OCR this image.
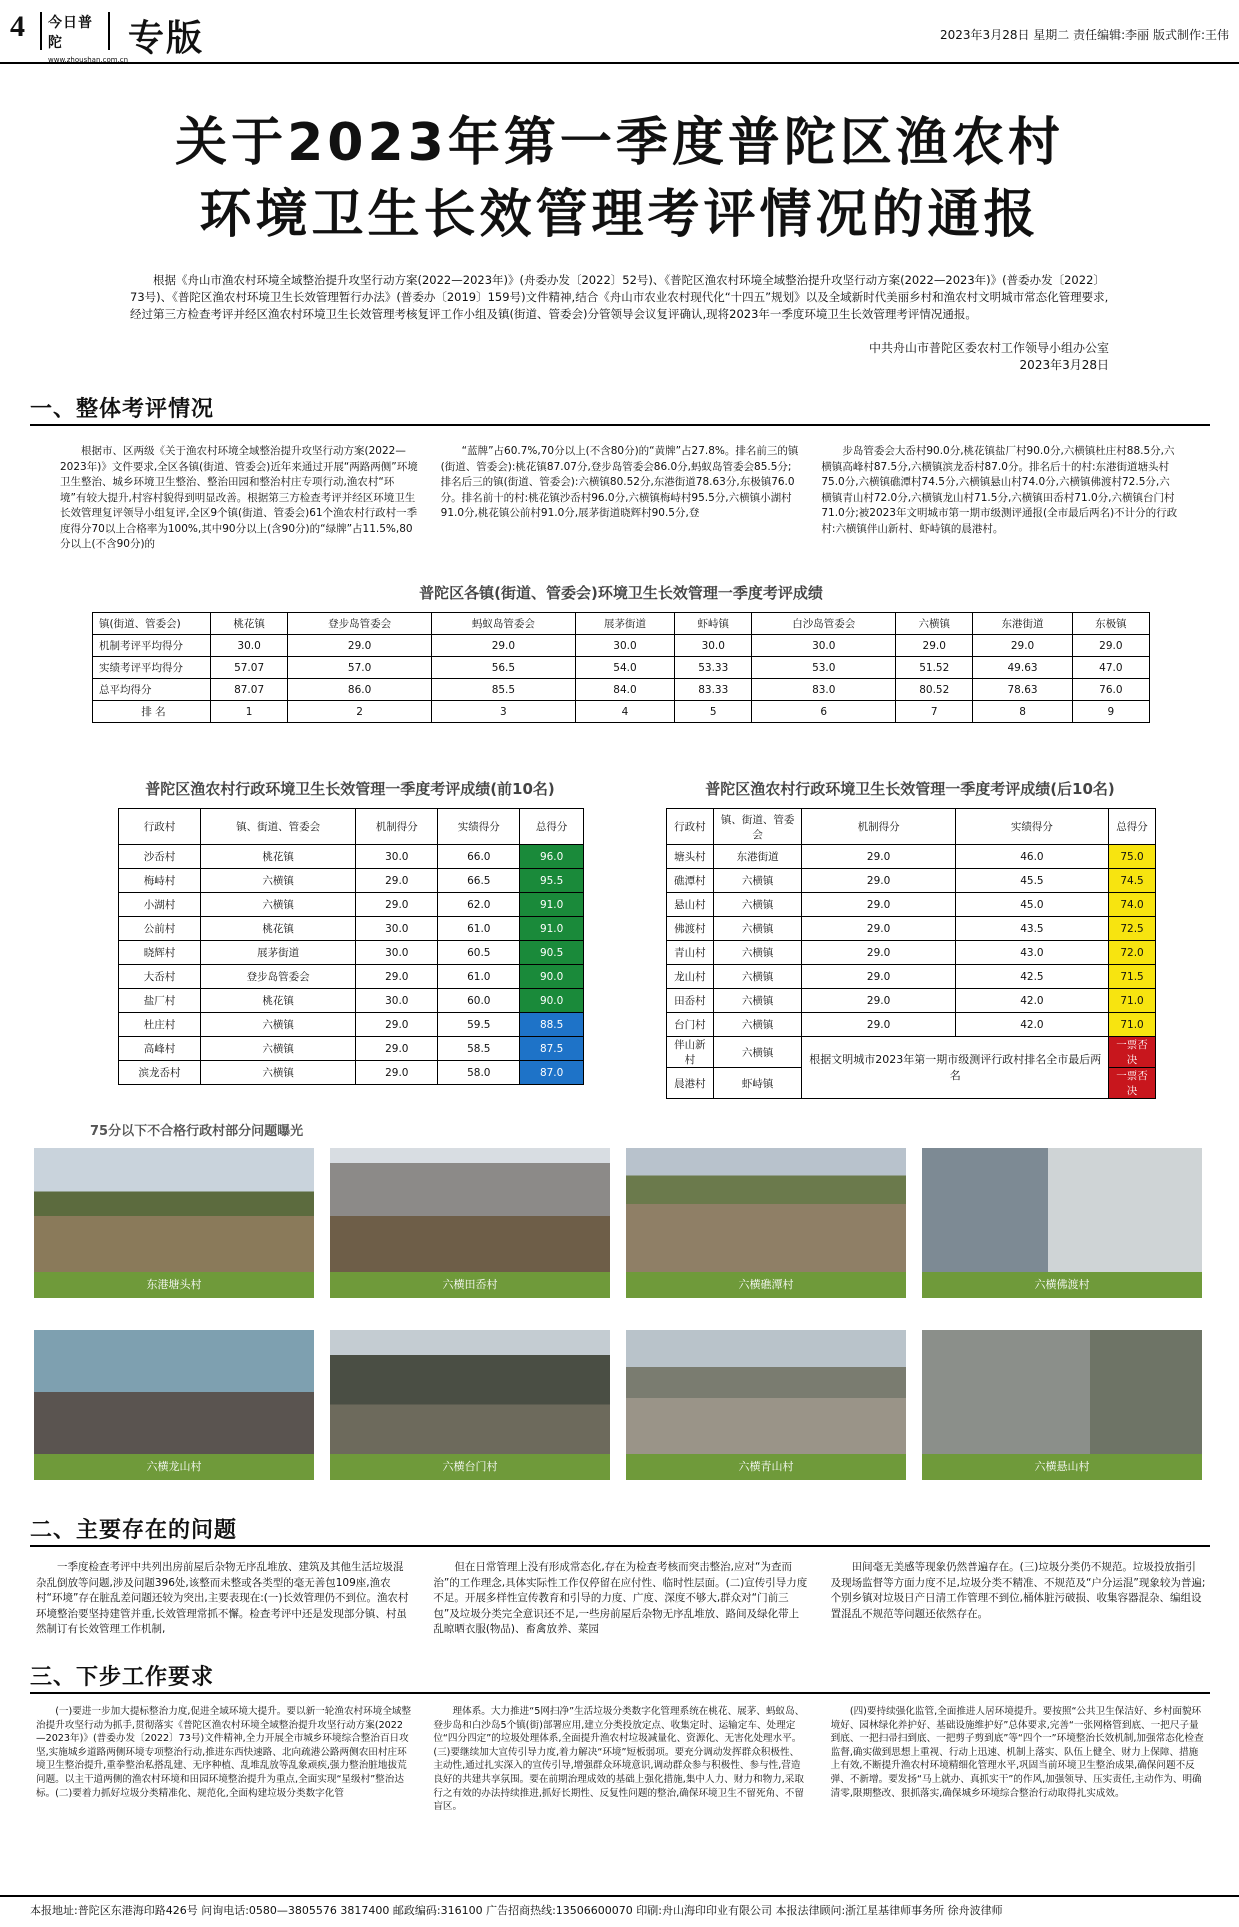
4 今日普陀
www.zhoushan.com.cn
专版	2023年3月28日 星期二 责任编辑:李丽 版式制作:王伟
关于2023年第一季度普陀区渔农村
环境卫生长效管理考评情况的通报

根据《舟山市渔农村环境全域整治提升攻坚行动方案(2022—2023年)》(舟委办发〔2022〕52号)、《普陀区渔农村环境全域整治提升攻坚行动方案(2022—2023年)》(普委办发〔2022〕73号)、《普陀区渔农村环境卫生长效管理暂行办法》(普委办〔2019〕159号)文件精神,结合《舟山市农业农村现代化“十四五”规划》以及全域新时代美丽乡村和渔农村文明城市常态化管理要求,经过第三方检查考评并经区渔农村环境卫生长效管理考核复评工作小组及镇(街道、管委会)分管领导会议复评确认,现将2023年一季度环境卫生长效管理考评情况通报。

中共舟山市普陀区委农村工作领导小组办公室
2023年3月28日
一、整体考评情况

根据市、区两级《关于渔农村环境全域整治提升攻坚行动方案(2022—2023年)》文件要求,全区各镇(街道、管委会)近年来通过开展“两路两侧”环境卫生整治、城乡环境卫生整治、整治田园和整治村庄专项行动,渔农村“环境”有较大提升,村容村貌得到明显改善。根据第三方检查考评并经区环境卫生长效管理复评领导小组复评,全区9个镇(街道、管委会)61个渔农村行政村一季度得分70以上合格率为100%,其中90分以上(含90分)的“绿牌”占11.5%,80分以上(不含90分)的

“蓝牌”占60.7%,70分以上(不含80分)的“黄牌”占27.8%。排名前三的镇(街道、管委会):桃花镇87.07分,登步岛管委会86.0分,蚂蚁岛管委会85.5分;排名后三的镇(街道、管委会):六横镇80.52分,东港街道78.63分,东极镇76.0分。排名前十的村:桃花镇沙岙村96.0分,六横镇梅峙村95.5分,六横镇小湖村91.0分,桃花镇公前村91.0分,展茅街道晓辉村90.5分,登

步岛管委会大岙村90.0分,桃花镇盐厂村90.0分,六横镇杜庄村88.5分,六横镇高峰村87.5分,六横镇滨龙岙村87.0分。排名后十的村:东港街道塘头村75.0分,六横镇礁潭村74.5分,六横镇悬山村74.0分,六横镇佛渡村72.5分,六横镇青山村72.0分,六横镇龙山村71.5分,六横镇田岙村71.0分,六横镇台门村71.0分;被2023年文明城市第一期市级测评通报(全市最后两名)不计分的行政村:六横镇伴山新村、虾峙镇的晨港村。

普陀区各镇(街道、管委会)环境卫生长效管理一季度考评成绩
镇(街道、管委会)	桃花镇	登步岛管委会	蚂蚁岛管委会	展茅街道	虾峙镇	白沙岛管委会	六横镇	东港街道	东极镇
机制考评平均得分	30.0	29.0	29.0	30.0	30.0	30.0	29.0	29.0	29.0
实绩考评平均得分	57.07	57.0	56.5	54.0	53.33	53.0	51.52	49.63	47.0
总平均得分	87.07	86.0	85.5	84.0	83.33	83.0	80.52	78.63	76.0
排 名	1	2	3	4	5	6	7	8	9
普陀区渔农村行政环境卫生长效管理一季度考评成绩(前10名)
行政村	镇、街道、管委会	机制得分	实绩得分	总得分
沙岙村	桃花镇	30.0	66.0	96.0
梅峙村	六横镇	29.0	66.5	95.5
小湖村	六横镇	29.0	62.0	91.0
公前村	桃花镇	30.0	61.0	91.0
晓辉村	展茅街道	30.0	60.5	90.5
大岙村	登步岛管委会	29.0	61.0	90.0
盐厂村	桃花镇	30.0	60.0	90.0
杜庄村	六横镇	29.0	59.5	88.5
高峰村	六横镇	29.0	58.5	87.5
滨龙岙村	六横镇	29.0	58.0	87.0
普陀区渔农村行政环境卫生长效管理一季度考评成绩(后10名)
行政村	镇、街道、管委会	机制得分	实绩得分	总得分
塘头村	东港街道	29.0	46.0	75.0
礁潭村	六横镇	29.0	45.5	74.5
悬山村	六横镇	29.0	45.0	74.0
佛渡村	六横镇	29.0	43.5	72.5
青山村	六横镇	29.0	43.0	72.0
龙山村	六横镇	29.0	42.5	71.5
田岙村	六横镇	29.0	42.0	71.0
台门村	六横镇	29.0	42.0	71.0
伴山新村	六横镇	根据文明城市2023年第一期市级测评行政村排名全市最后两名		一票否决
晨港村	虾峙镇			一票否决
75分以下不合格行政村部分问题曝光
东港塘头村	六横田岙村	六横礁潭村	六横佛渡村
六横龙山村	六横台门村	六横青山村	六横悬山村
二、主要存在的问题

一季度检查考评中共列出房前屋后杂物无序乱堆放、建筑及其他生活垃圾混杂乱倒放等问题,涉及问题396处,该整而未整或各类型的毫无善包109座,渔农村“环境”存在脏乱差问题还较为突出,主要表现在:(一)长效管理仍不到位。渔农村环境整治要坚持建管并重,长效管理常抓不懈。检查考评中还是发现部分镇、村虽然制订有长效管理工作机制,

但在日常管理上没有形成常态化,存在为检查考核而突击整治,应对“为查而治”的工作理念,具体实际性工作仅停留在应付性、临时性层面。(二)宣传引导力度不足。开展多样性宣传教育和引导的力度、广度、深度不够大,群众对“门前三包”及垃圾分类完全意识还不足,一些房前屋后杂物无序乱堆放、路间及绿化带上乱晾晒衣服(物品)、畜禽放养、菜园

田间毫无美感等现象仍然普遍存在。(三)垃圾分类仍不规范。垃圾投放指引及现场监督等方面力度不足,垃圾分类不精准、不规范及“户分运混”现象较为普遍;个别乡镇对垃圾日产日清工作管理不到位,桶体脏污破损、收集容器混杂、编组设置混乱不规范等问题还依然存在。

三、下步工作要求

(一)要进一步加大提标整治力度,促进全域环境大提升。要以新一轮渔农村环境全域整治提升攻坚行动为抓手,贯彻落实《普陀区渔农村环境全域整治提升攻坚行动方案(2022—2023年)》(普委办发〔2022〕73号)文件精神,全力开展全市城乡环境综合整治百日攻坚,实施城乡道路两侧环境专项整治行动,推进东西快速路、北向疏港公路两侧农田村庄环境卫生整治提升,重拳整治私搭乱建、无序种植、乱堆乱放等乱象顽疾,强力整治脏地拔荒问题。以主干道两侧的渔农村环境和田园环境整治提升为重点,全面实现“星级村”整治达标。(二)要着力抓好垃圾分类精准化、规范化,全面构建垃圾分类数字化管

理体系。大力推进“5网扫净”生活垃圾分类数字化管理系统在桃花、展茅、蚂蚁岛、登步岛和白沙岛5个镇(街)部署应用,建立分类投放定点、收集定时、运输定车、处理定位“四分四定”的垃圾处理体系,全面提升渔农村垃圾减量化、资源化、无害化处理水平。(三)要继续加大宣传引导力度,着力解决“环境”短板弱项。要充分调动发挥群众积极性、主动性,通过扎实深入的宣传引导,增强群众环境意识,调动群众参与积极性、参与性,营造良好的共建共享氛围。要在前期治理成效的基础上强化措施,集中人力、财力和物力,采取行之有效的办法持续推进,抓好长期性、反复性问题的整治,确保环境卫生不留死角、不留盲区。

(四)要持续强化监管,全面推进人居环境提升。要按照“公共卫生保洁好、乡村面貌环境好、园林绿化养护好、基础设施维护好”总体要求,完善“一张网格管到底、一把尺子量到底、一把扫帚扫到底、一把剪子剪到底”等“四个一”环境整治长效机制,加强常态化检查监督,确实做到思想上重视、行动上迅速、机制上落实、队伍上健全、财力上保障、措施上有效,不断提升渔农村环境精细化管理水平,巩固当前环境卫生整治成果,确保问题不反弹、不新增。要发扬“马上就办、真抓实干”的作风,加强领导、压实责任,主动作为、明确清零,限期整改、狠抓落实,确保城乡环境综合整治行动取得扎实成效。

本报地址:普陀区东港海印路426号 问询电话:0580—3805576 3817400 邮政编码:316100 广告招商热线:13506600070 印刷:舟山海印印业有限公司 本报法律顾问:浙江星基律师事务所 徐舟波律师
